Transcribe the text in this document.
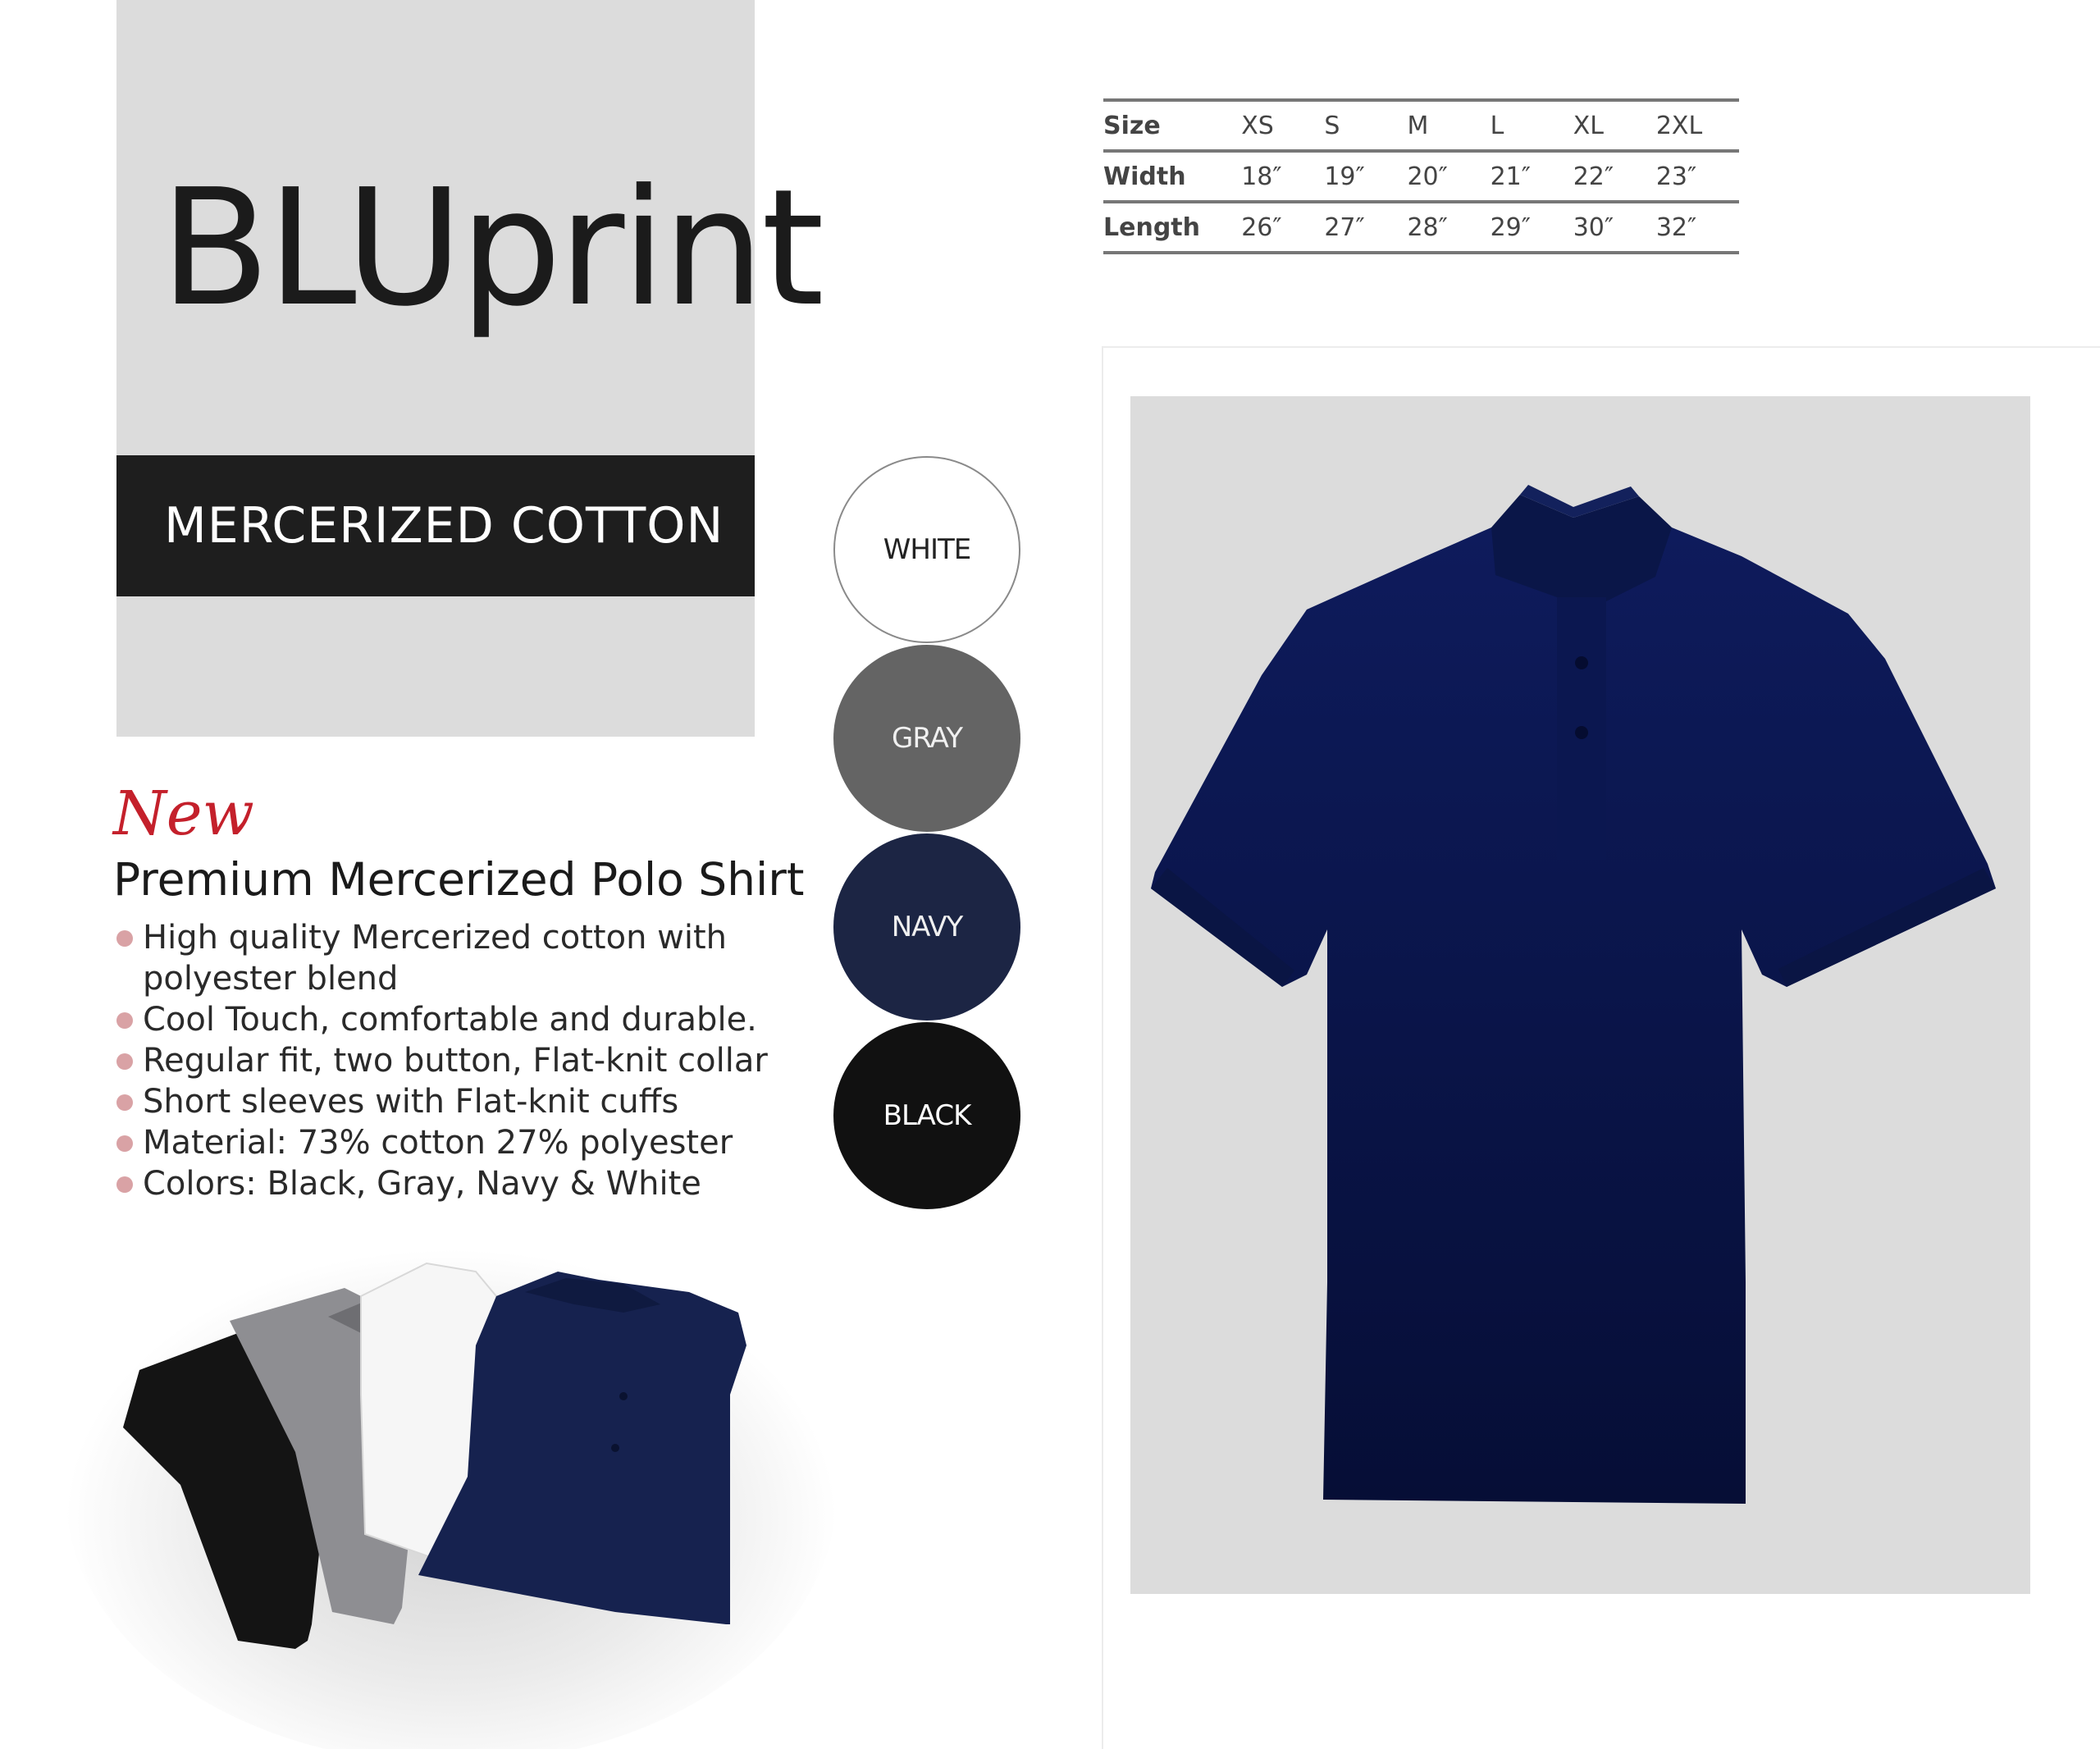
BLUprint
MERCERIZED COTTON
New
Premium Mercerized Polo Shirt
High quality Mercerized cotton with polyester blend
Cool Touch, comfortable and durable.
Regular fit, two button, Flat-knit collar
Short sleeves with Flat-knit cuffs
Material: 73% cotton 27% polyester
Colors: Black, Gray, Navy & White
WHITE
GRAY
NAVY
BLACK
Size	XS	S	M	L	XL	2XL
Width	18″	19″	20″	21″	22″	23″
Length	26″	27″	28″	29″	30″	32″
